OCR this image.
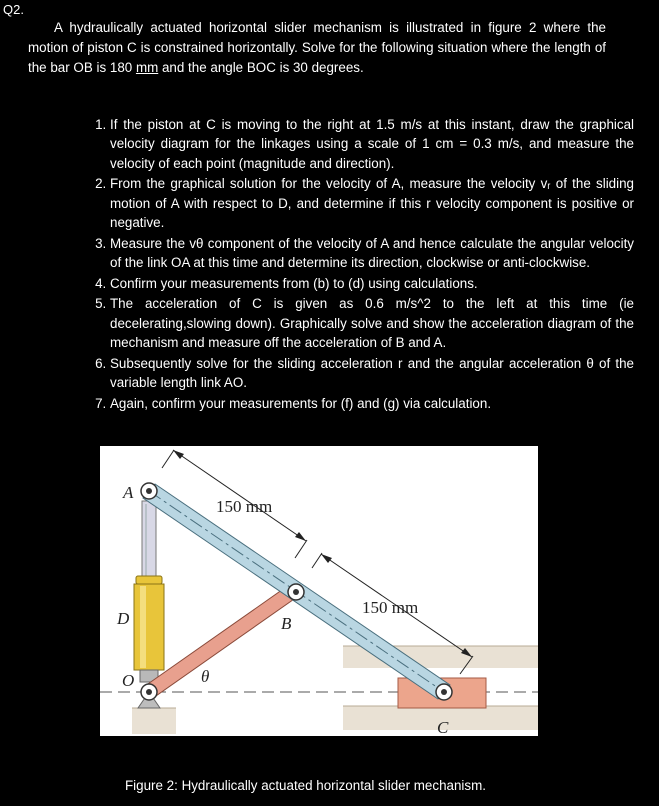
Q2.
A hydraulically actuated horizontal slider mechanism is illustrated in figure 2 where the motion of piston C is constrained horizontally. Solve for the following situation where the length of the bar OB is 180 mm and the angle BOC is 30 degrees.
1. If the piston at C is moving to the right at 1.5 m/s at this instant, draw the graphical velocity diagram for the linkages using a scale of 1 cm = 0.3 m/s, and measure the velocity of each point (magnitude and direction).
2. From the graphical solution for the velocity of A, measure the velocity vᵣ of the sliding motion of A with respect to D, and determine if this r velocity component is positive or negative.
3. Measure the vθ component of the velocity of A and hence calculate the angular velocity of the link OA at this time and determine its direction, clockwise or anti-clockwise.
4. Confirm your measurements from (b) to (d) using calculations.
5. The acceleration of C is given as 0.6 m/s^2 to the left at this time (ie decelerating,slowing down). Graphically solve and show the acceleration diagram of the mechanism and measure off the acceleration of B and A.
6. Subsequently solve for the sliding acceleration r and the angular acceleration θ of the variable length link AO.
7. Again, confirm your measurements for (f) and (g) via calculation.
A
D
O
B
C
θ
150 mm
150 mm
Figure 2: Hydraulically actuated horizontal slider mechanism.
